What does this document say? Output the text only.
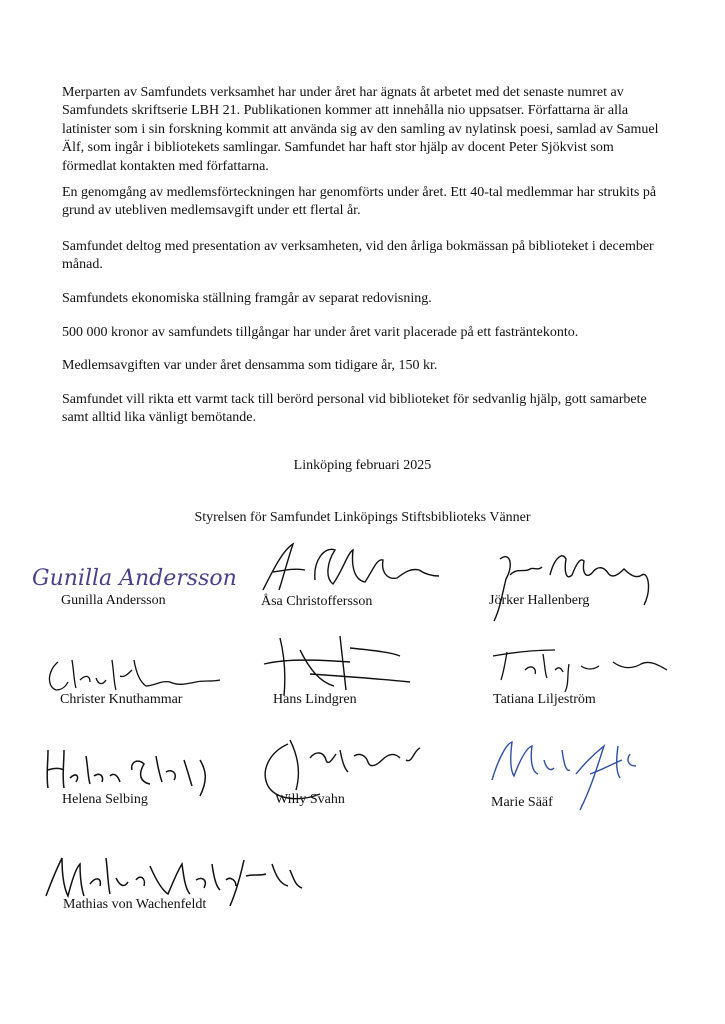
Merparten av Samfundets verksamhet har under året har ägnats åt arbetet med det senaste numret av Samfundets skriftserie LBH 21. Publikationen kommer att innehålla nio uppsatser. Författarna är alla latinister som i sin forskning kommit att använda sig av den samling av nylatinsk poesi, samlad av Samuel Älf, som ingår i bibliotekets samlingar. Samfundet har haft stor hjälp av docent Peter Sjökvist som förmedlat kontakten med författarna.

En genomgång av medlemsförteckningen har genomförts under året. Ett 40-tal medlemmar har strukits på grund av utebliven medlemsavgift under ett flertal år.

Samfundet deltog med presentation av verksamheten, vid den årliga bokmässan på biblioteket i december månad.

Samfundets ekonomiska ställning framgår av separat redovisning.

500 000 kronor av samfundets tillgångar har under året varit placerade på ett fasträntekonto.

Medlemsavgiften var under året densamma som tidigare år, 150 kr.

Samfundet vill rikta ett varmt tack till berörd personal vid biblioteket för sedvanlig hjälp, gott samarbete samt alltid lika vänligt bemötande.

Linköping februari 2025
Styrelsen för Samfundet Linköpings Stiftsbiblioteks Vänner
Gunilla Andersson
Gunilla Andersson	Åsa Christoffersson	Jörker Hallenberg
Christer Knuthammar	Hans Lindgren	Tatiana Liljeström
Helena Selbing	Willy Svahn	Marie Sääf
Mathias von Wachenfeldt
